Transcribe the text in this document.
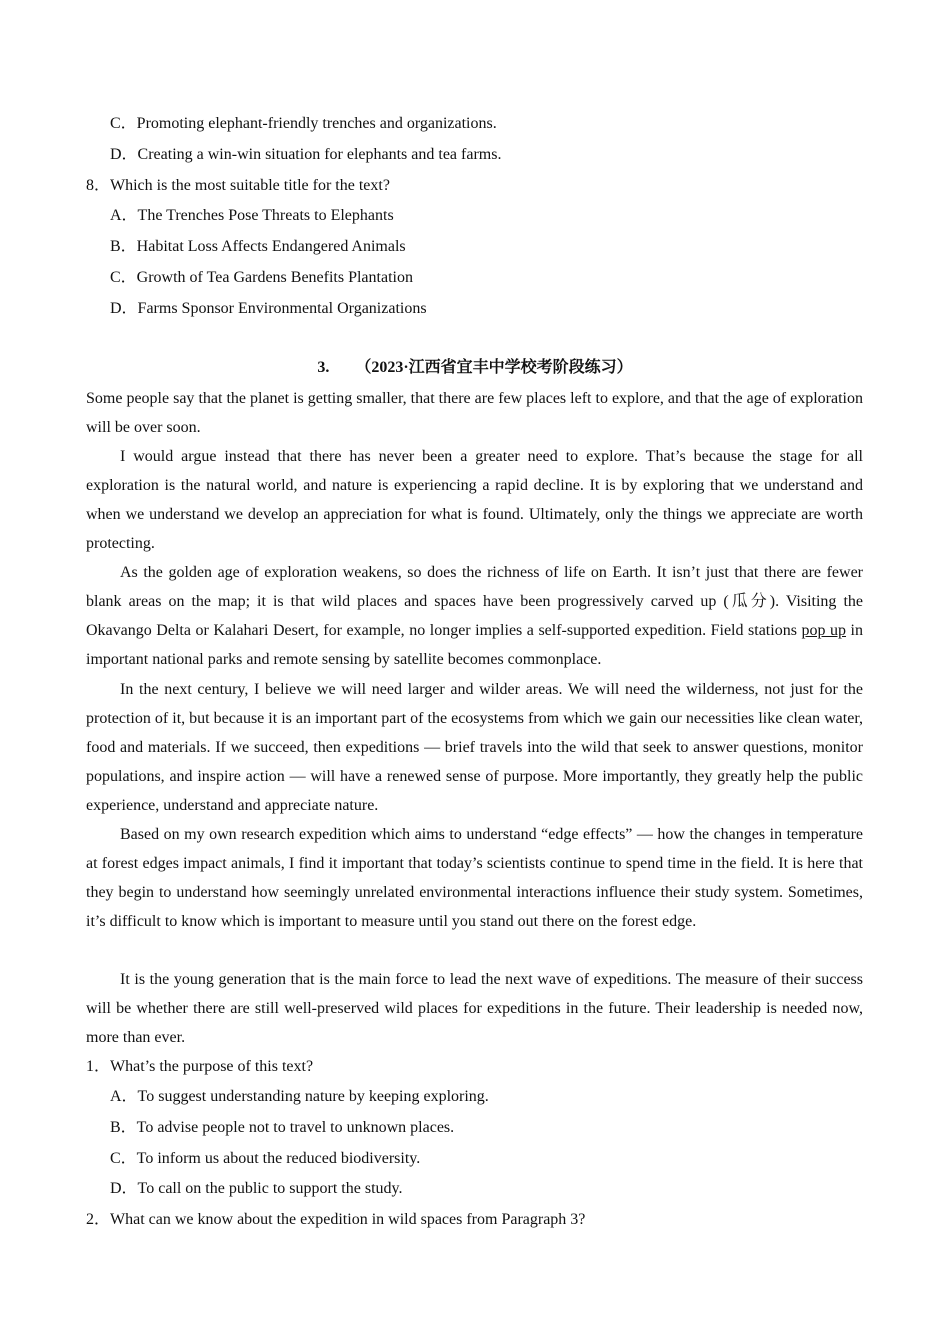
C．Promoting elephant-friendly trenches and organizations.
D．Creating a win-win situation for elephants and tea farms.
8．Which is the most suitable title for the text?
A．The Trenches Pose Threats to Elephants
B．Habitat Loss Affects Endangered Animals
C．Growth of Tea Gardens Benefits Plantation
D．Farms Sponsor Environmental Organizations
3. （2023·江西省宜丰中学校考阶段练习）

Some people say that the planet is getting smaller, that there are few places left to explore, and that the age of exploration will be over soon.

I would argue instead that there has never been a greater need to explore. That’s because the stage for all exploration is the natural world, and nature is experiencing a rapid decline. It is by exploring that we understand and when we understand we develop an appreciation for what is found. Ultimately, only the things we appreciate are worth protecting.

As the golden age of exploration weakens, so does the richness of life on Earth. It isn’t just that there are fewer blank areas on the map; it is that wild places and spaces have been progressively carved up (瓜分). Visiting the Okavango Delta or Kalahari Desert, for example, no longer implies a self-supported expedition. Field stations pop up in important national parks and remote sensing by satellite becomes commonplace.

In the next century, I believe we will need larger and wilder areas. We will need the wilderness, not just for the protection of it, but because it is an important part of the ecosystems from which we gain our necessities like clean water, food and materials. If we succeed, then expeditions — brief travels into the wild that seek to answer questions, monitor populations, and inspire action — will have a renewed sense of purpose. More importantly, they greatly help the public experience, understand and appreciate nature.

Based on my own research expedition which aims to understand “edge effects” — how the changes in temperature at forest edges impact animals, I find it important that today’s scientists continue to spend time in the field. It is here that they begin to understand how seemingly unrelated environmental interactions influence their study system. Sometimes, it’s difficult to know which is important to measure until you stand out there on the forest edge.

It is the young generation that is the main force to lead the next wave of expeditions. The measure of their success will be whether there are still well-preserved wild places for expeditions in the future. Their leadership is needed now, more than ever.

1．What’s the purpose of this text?
A．To suggest understanding nature by keeping exploring.
B．To advise people not to travel to unknown places.
C．To inform us about the reduced biodiversity.
D．To call on the public to support the study.
2．What can we know about the expedition in wild spaces from Paragraph 3?
